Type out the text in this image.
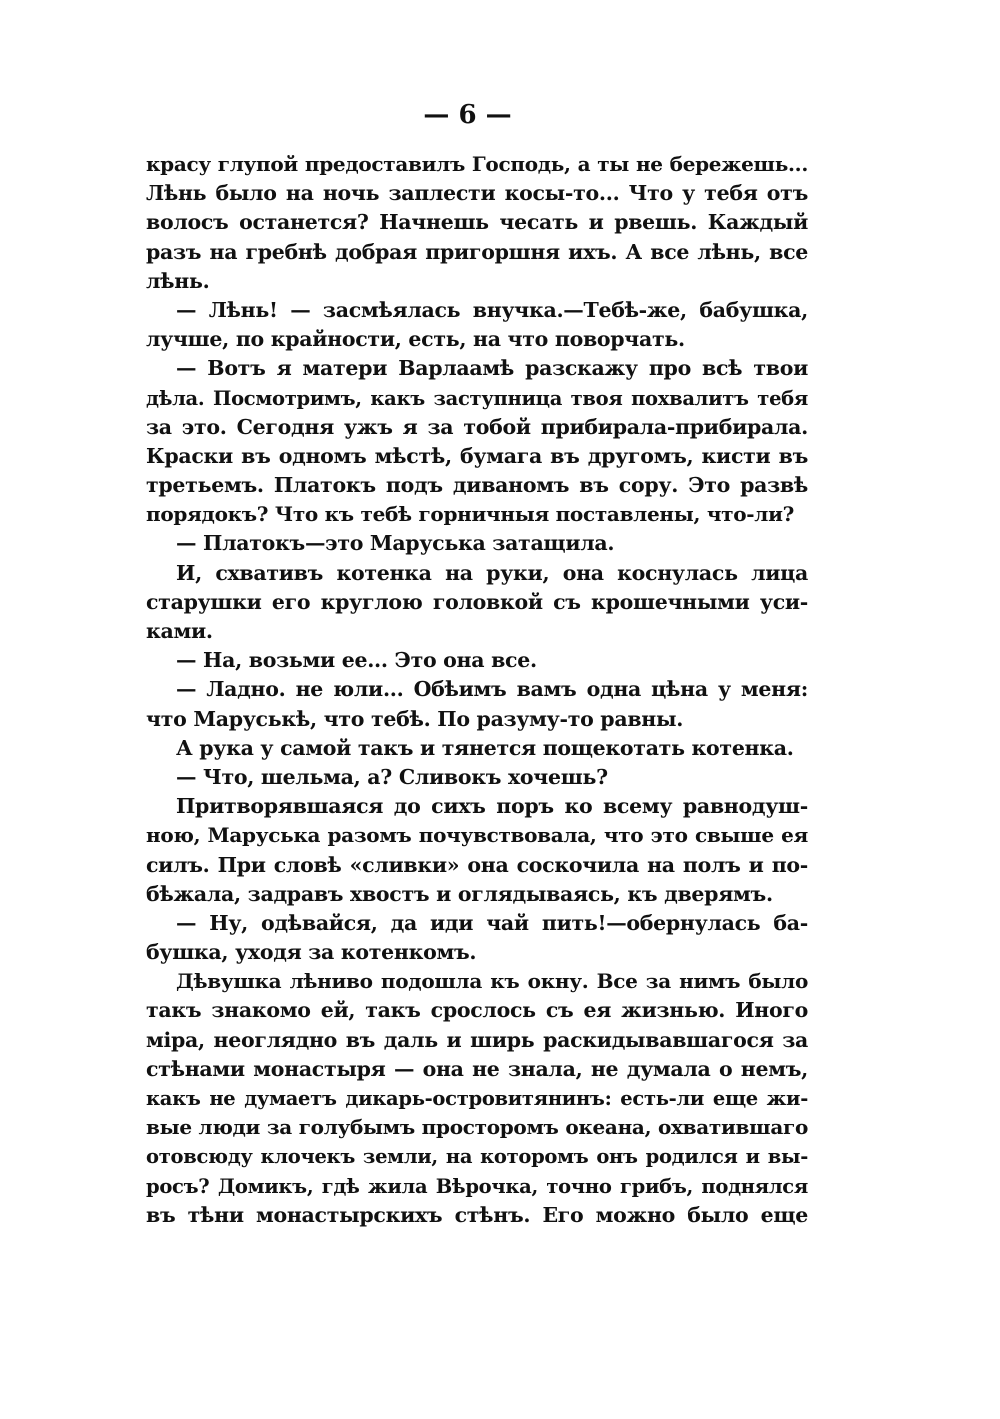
— 6 —
красу глупой предоставилъ Господь, а ты не бережешь...
Лѣнь было на ночь заплести косы-то... Что у тебя отъ
волосъ останется? Начнешь чесать и рвешь. Каждый
разъ на гребнѣ добрая пригоршня ихъ. А все лѣнь, все
лѣнь.
— Лѣнь! — засмѣялась внучка.—Тебѣ-же, бабушка,
лучше, по крайности, есть, на что поворчать.
— Вотъ я матери Варлаамѣ разскажу про всѣ твои
дѣла. Посмотримъ, какъ заступница твоя похвалитъ тебя
за это. Сегодня ужъ я за тобой прибирала-прибирала.
Краски въ одномъ мѣстѣ, бумага въ другомъ, кисти въ
третьемъ. Платокъ подъ диваномъ въ сору. Это развѣ
порядокъ? Что къ тебѣ горничныя поставлены, что-ли?
— Платокъ—это Маруська затащила.
И, схвативъ котенка на руки, она коснулась лица
старушки его круглою головкой съ крошечными уси-
ками.
— На, возьми ее... Это она все.
— Ладно. не юли... Обѣимъ вамъ одна цѣна у меня:
что Маруськѣ, что тебѣ. По разуму-то равны.
А рука у самой такъ и тянется пощекотать котенка.
— Что, шельма, а? Сливокъ хочешь?
Притворявшаяся до сихъ поръ ко всему равнодуш-
ною, Маруська разомъ почувствовала, что это свыше ея
силъ. При словѣ «сливки» она соскочила на полъ и по-
бѣжала, задравъ хвостъ и оглядываясь, къ дверямъ.
— Ну, одѣвайся, да иди чай пить!—обернулась ба-
бушка, уходя за котенкомъ.
Дѣвушка лѣниво подошла къ окну. Все за нимъ было
такъ знакомо ей, такъ срослось съ ея жизнью. Иного
міра, неоглядно въ даль и ширь раскидывавшагося за
стѣнами монастыря — она не знала, не думала о немъ,
какъ не думаетъ дикарь-островитянинъ: есть-ли еще жи-
вые люди за голубымъ просторомъ океана, охватившаго
отовсюду клочекъ земли, на которомъ онъ родился и вы-
росъ? Домикъ, гдѣ жила Вѣрочка, точно грибъ, поднялся
въ тѣни монастырскихъ стѣнъ. Его можно было еще
